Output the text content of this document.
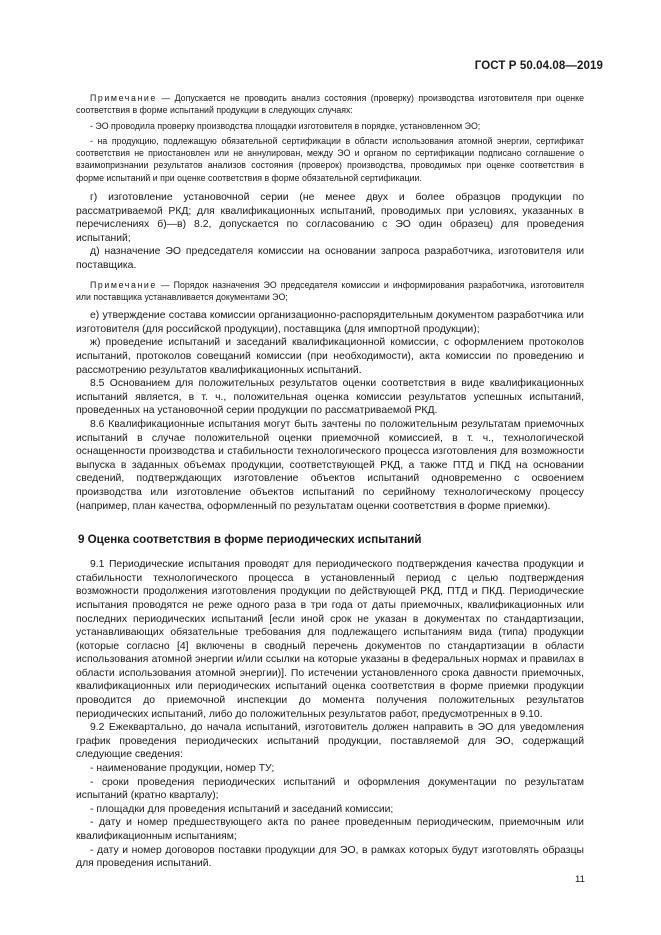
ГОСТ Р 50.04.08—2019

Примечание — Допускается не проводить анализ состояния (проверку) производства изготовителя при оценке соответствия в форме испытаний продукции в следующих случаях:

- ЭО проводила проверку производства площадки изготовителя в порядке, установленном ЭО;

- на продукцию, подлежащую обязательной сертификации в области использования атомной энергии, сертификат соответствия не приостановлен или не аннулирован, между ЭО и органом по сертификации подписано соглашение о взаимопризнании результатов анализов состояния (проверок) производства, проводимых при оценке соответствия в форме испытаний и при оценке соответствия в форме обязательной сертификации.

г) изготовление установочной серии (не менее двух и более образцов продукции по рассматриваемой РКД; для квалификационных испытаний, проводимых при условиях, указанных в перечислениях б)—в) 8.2, допускается по согласованию с ЭО один образец) для проведения испытаний;

д) назначение ЭО председателя комиссии на основании запроса разработчика, изготовителя или поставщика.

Примечание — Порядок назначения ЭО председателя комиссии и информирования разработчика, изготовителя или поставщика устанавливается документами ЭО;

е) утверждение состава комиссии организационно-распорядительным документом разработчика или изготовителя (для российской продукции), поставщика (для импортной продукции);

ж) проведение испытаний и заседаний квалификационной комиссии, с оформлением протоколов испытаний, протоколов совещаний комиссии (при необходимости), акта комиссии по проведению и рассмотрению результатов квалификационных испытаний.

8.5 Основанием для положительных результатов оценки соответствия в виде квалификационных испытаний является, в т. ч., положительная оценка комиссии результатов успешных испытаний, проведенных на установочной серии продукции по рассматриваемой РКД.

8.6 Квалификационные испытания могут быть зачтены по положительным результатам приемочных испытаний в случае положительной оценки приемочной комиссией, в т. ч., технологической оснащенности производства и стабильности технологического процесса изготовления для возможности выпуска в заданных объемах продукции, соответствующей РКД, а также ПТД и ПКД на основании сведений, подтверждающих изготовление объектов испытаний одновременно с освоением производства или изготовление объектов испытаний по серийному технологическому процессу (например, план качества, оформленный по результатам оценки соответствия в форме приемки).

9 Оценка соответствия в форме периодических испытаний

9.1 Периодические испытания проводят для периодического подтверждения качества продукции и стабильности технологического процесса в установленный период с целью подтверждения возможности продолжения изготовления продукции по действующей РКД, ПТД и ПКД. Периодические испытания проводятся не реже одного раза в три года от даты приемочных, квалификационных или последних периодических испытаний [если иной срок не указан в документах по стандартизации, устанавливающих обязательные требования для подлежащего испытаниям вида (типа) продукции (которые согласно [4] включены в сводный перечень документов по стандартизации в области использования атомной энергии и/или ссылки на которые указаны в федеральных нормах и правилах в области использования атомной энергии)]. По истечении установленного срока давности приемочных, квалификационных или периодических испытаний оценка соответствия в форме приемки продукции проводится до приемочной инспекции до момента получения положительных результатов периодических испытаний, либо до положительных результатов работ, предусмотренных в 9.10.

9.2 Ежеквартально, до начала испытаний, изготовитель должен направить в ЭО для уведомления график проведения периодических испытаний продукции, поставляемой для ЭО, содержащий следующие сведения:

- наименование продукции, номер ТУ;

- сроки проведения периодических испытаний и оформления документации по результатам испытаний (кратно кварталу);

- площадки для проведения испытаний и заседаний комиссии;

- дату и номер предшествующего акта по ранее проведенным периодическим, приемочным или квалификационным испытаниям;

- дату и номер договоров поставки продукции для ЭО, в рамках которых будут изготовлять образцы для проведения испытаний.

11
